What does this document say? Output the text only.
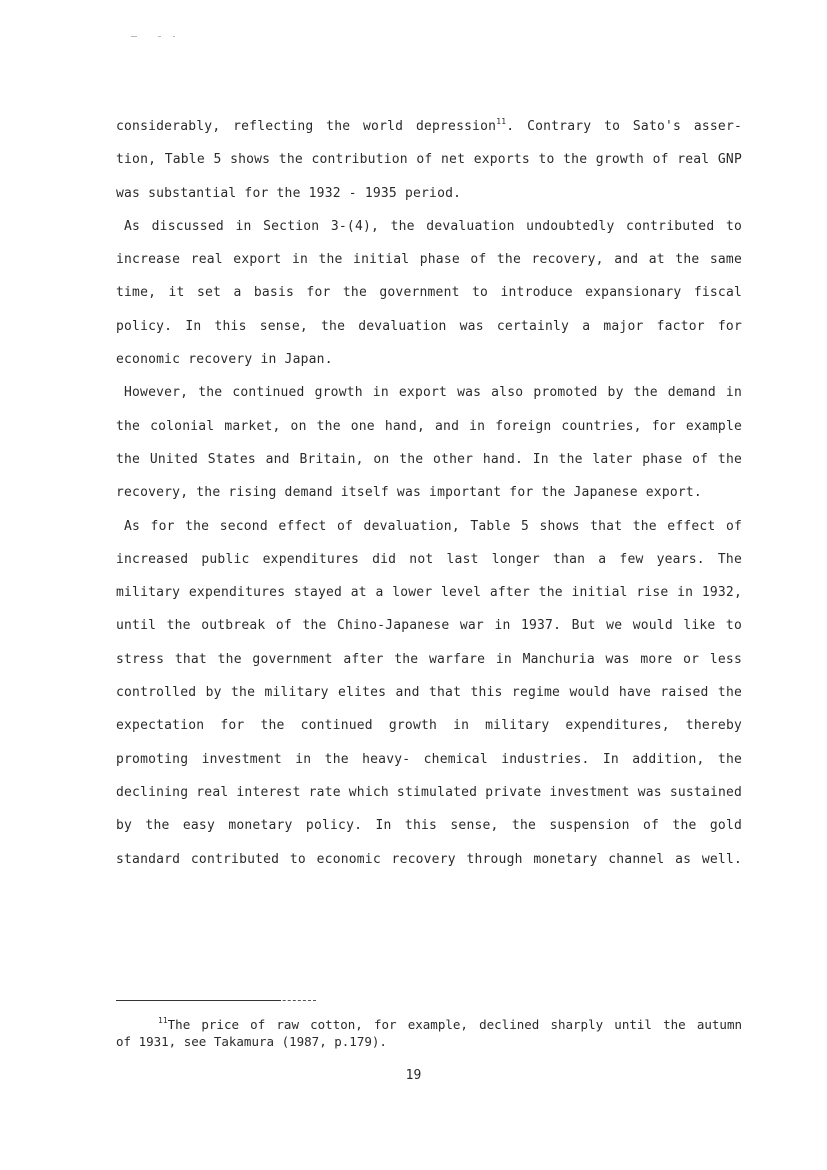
considerably, reflecting the world depression$^{11}$. Contrary to Sato's asser-
tion, Table 5 shows the contribution of net exports to the growth of real GNP
was substantial for the 1932 - 1935 period.
As discussed in Section 3-(4), the devaluation undoubtedly contributed to
increase real export in the initial phase of the recovery, and at the same
time, it set a basis for the government to introduce expansionary fiscal
policy. In this sense, the devaluation was certainly a major factor for
economic recovery in Japan.
However, the continued growth in export was also promoted by the demand in
the colonial market, on the one hand, and in foreign countries, for example
the United States and Britain, on the other hand. In the later phase of the
recovery, the rising demand itself was important for the Japanese export.
As for the second effect of devaluation, Table 5 shows that the effect of
increased public expenditures did not last longer than a few years. The
military expenditures stayed at a lower level after the initial rise in 1932,
until the outbreak of the Chino-Japanese war in 1937. But we would like to
stress that the government after the warfare in Manchuria was more or less
controlled by the military elites and that this regime would have raised the
expectation for the continued growth in military expenditures, thereby
promoting investment in the heavy- chemical industries. In addition, the
declining real interest rate which stimulated private investment was sustained
by the easy monetary policy. In this sense, the suspension of the gold
standard contributed to economic recovery through monetary channel as well.
$^{11}$The price of raw cotton, for example, declined sharply until the autumn
of 1931, see Takamura (1987, p.179).
19
